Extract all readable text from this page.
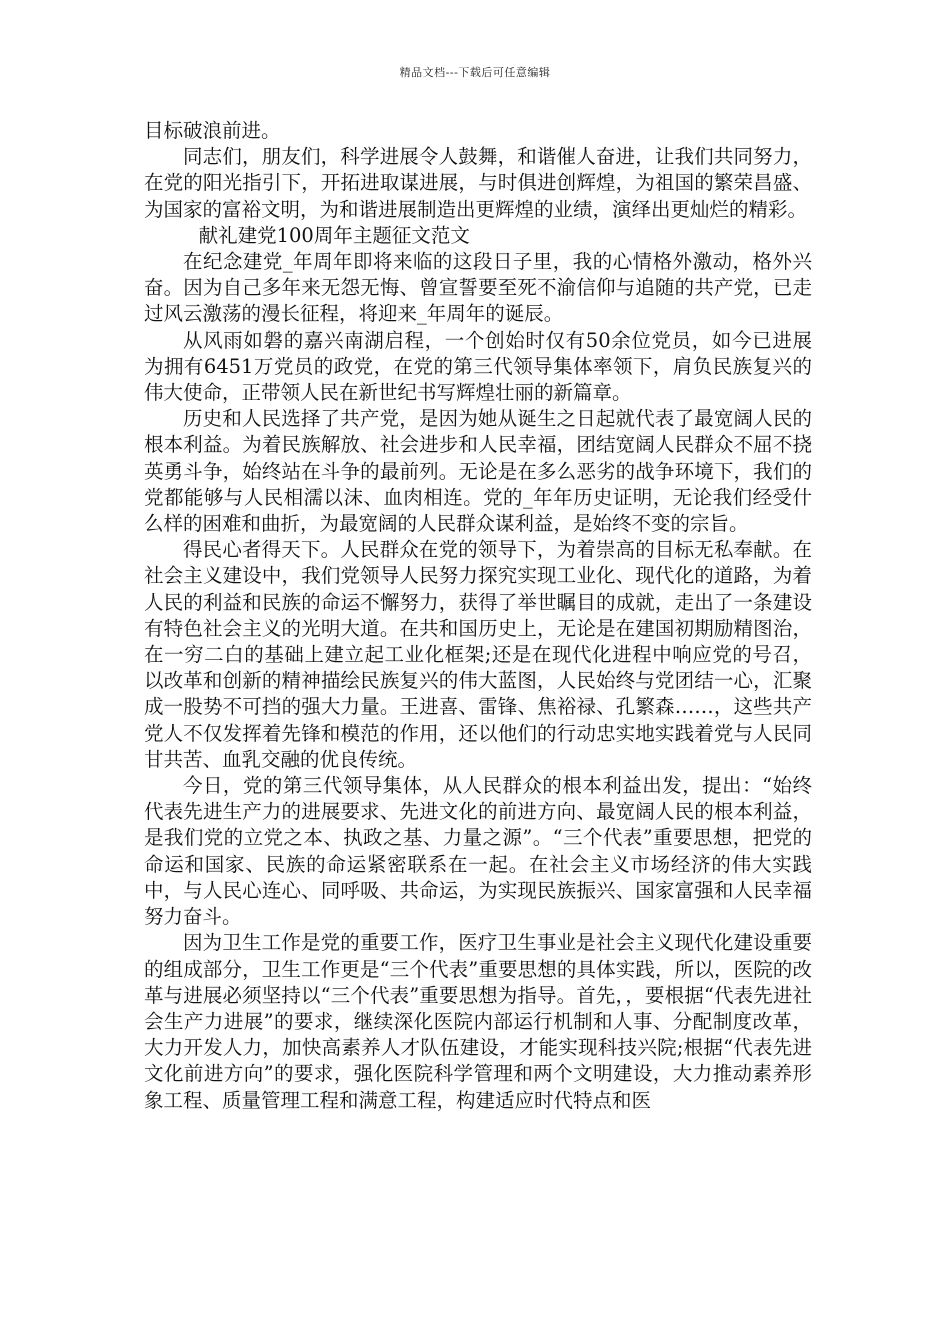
精品文档---下载后可任意编辑

目标破浪前进。

同志们，朋友们，科学进展令人鼓舞，和谐催人奋进，让我们共同努力，在党的阳光指引下，开拓进取谋进展，与时俱进创辉煌，为祖国的繁荣昌盛、为国家的富裕文明，为和谐进展制造出更辉煌的业绩，演绎出更灿烂的精彩。

献礼建党100周年主题征文范文

在纪念建党_年周年即将来临的这段日子里，我的心情格外激动，格外兴奋。因为自己多年来无怨无悔、曾宣誓要至死不渝信仰与追随的共产党，已走过风云激荡的漫长征程，将迎来_年周年的诞辰。

从风雨如磐的嘉兴南湖启程，一个创始时仅有50余位党员，如今已进展为拥有6451万党员的政党，在党的第三代领导集体率领下，肩负民族复兴的伟大使命，正带领人民在新世纪书写辉煌壮丽的新篇章。

历史和人民选择了共产党，是因为她从诞生之日起就代表了最宽阔人民的根本利益。为着民族解放、社会进步和人民幸福，团结宽阔人民群众不屈不挠英勇斗争，始终站在斗争的最前列。无论是在多么恶劣的战争环境下，我们的党都能够与人民相濡以沫、血肉相连。党的_年年历史证明，无论我们经受什么样的困难和曲折，为最宽阔的人民群众谋利益，是始终不变的宗旨。

得民心者得天下。人民群众在党的领导下，为着崇高的目标无私奉献。在社会主义建设中，我们党领导人民努力探究实现工业化、现代化的道路，为着人民的利益和民族的命运不懈努力，获得了举世瞩目的成就，走出了一条建设有特色社会主义的光明大道。在共和国历史上，无论是在建国初期励精图治，在一穷二白的基础上建立起工业化框架;还是在现代化进程中响应党的号召，以改革和创新的精神描绘民族复兴的伟大蓝图，人民始终与党团结一心，汇聚成一股势不可挡的强大力量。王进喜、雷锋、焦裕禄、孔繁森……，这些共产党人不仅发挥着先锋和模范的作用，还以他们的行动忠实地实践着党与人民同甘共苦、血乳交融的优良传统。

今日，党的第三代领导集体，从人民群众的根本利益出发，提出：“始终代表先进生产力的进展要求、先进文化的前进方向、最宽阔人民的根本利益，是我们党的立党之本、执政之基、力量之源”。“三个代表”重要思想，把党的命运和国家、民族的命运紧密联系在一起。在社会主义市场经济的伟大实践中，与人民心连心、同呼吸、共命运，为实现民族振兴、国家富强和人民幸福努力奋斗。

因为卫生工作是党的重要工作，医疗卫生事业是社会主义现代化建设重要的组成部分，卫生工作更是“三个代表”重要思想的具体实践，所以，医院的改革与进展必须坚持以“三个代表”重要思想为指导。首先，，要根据“代表先进社会生产力进展”的要求，继续深化医院内部运行机制和人事、分配制度改革，大力开发人力，加快高素养人才队伍建设，才能实现科技兴院;根据“代表先进文化前进方向”的要求，强化医院科学管理和两个文明建设，大力推动素养形象工程、质量管理工程和满意工程，构建适应时代特点和医
